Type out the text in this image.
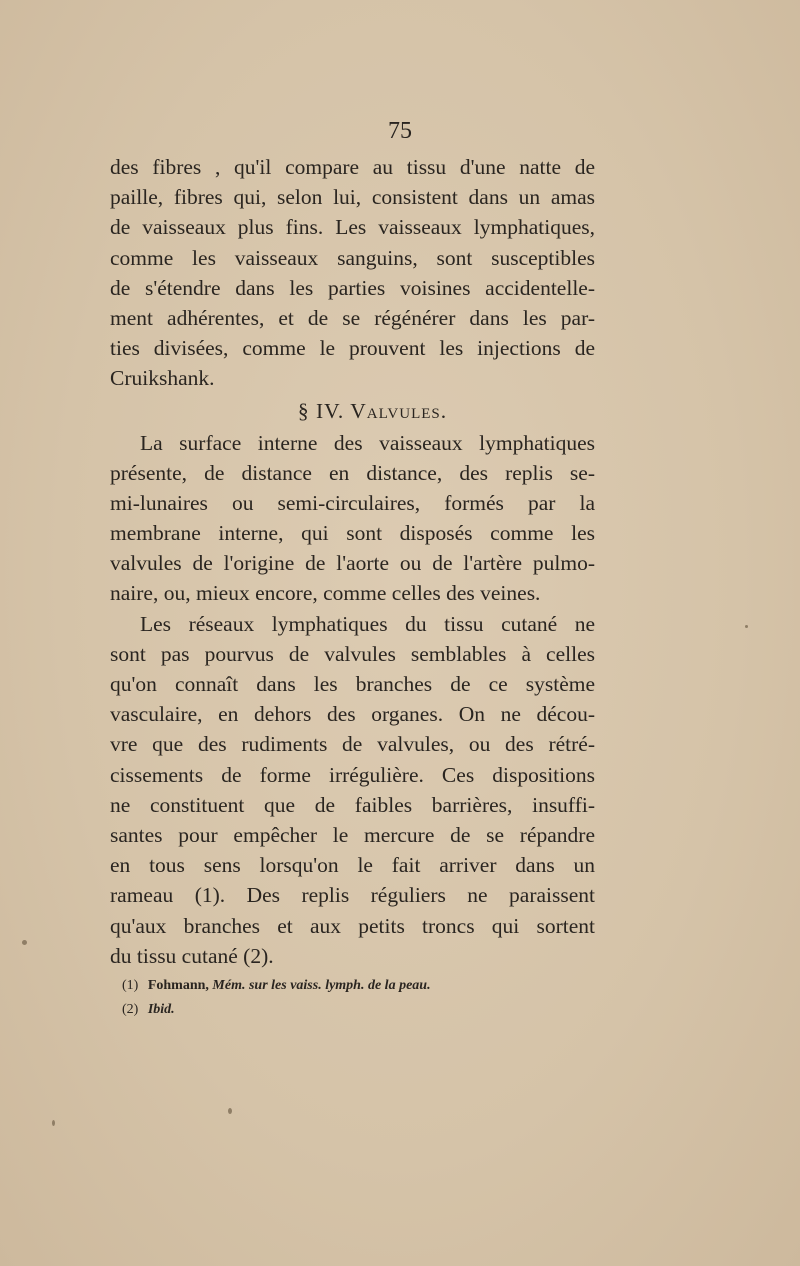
75
des fibres , qu'il compare au tissu d'une natte de
paille, fibres qui, selon lui, consistent dans un amas
de vaisseaux plus fins. Les vaisseaux lymphatiques,
comme les vaisseaux sanguins, sont susceptibles
de s'étendre dans les parties voisines accidentelle-
ment adhérentes, et de se régénérer dans les par-
ties divisées, comme le prouvent les injections de
Cruikshank.
§ IV. Valvules.
La surface interne des vaisseaux lymphatiques
présente, de distance en distance, des replis se-
mi-lunaires ou semi-circulaires, formés par la
membrane interne, qui sont disposés comme les
valvules de l'origine de l'aorte ou de l'artère pulmo-
naire, ou, mieux encore, comme celles des veines.
Les réseaux lymphatiques du tissu cutané ne
sont pas pourvus de valvules semblables à celles
qu'on connaît dans les branches de ce système
vasculaire, en dehors des organes. On ne décou-
vre que des rudiments de valvules, ou des rétré-
cissements de forme irrégulière. Ces dispositions
ne constituent que de faibles barrières, insuffi-
santes pour empêcher le mercure de se répandre
en tous sens lorsqu'on le fait arriver dans un
rameau (1). Des replis réguliers ne paraissent
qu'aux branches et aux petits troncs qui sortent
du tissu cutané (2).
(1) Fohmann, Mém. sur les vaiss. lymph. de la peau.
(2) Ibid.
